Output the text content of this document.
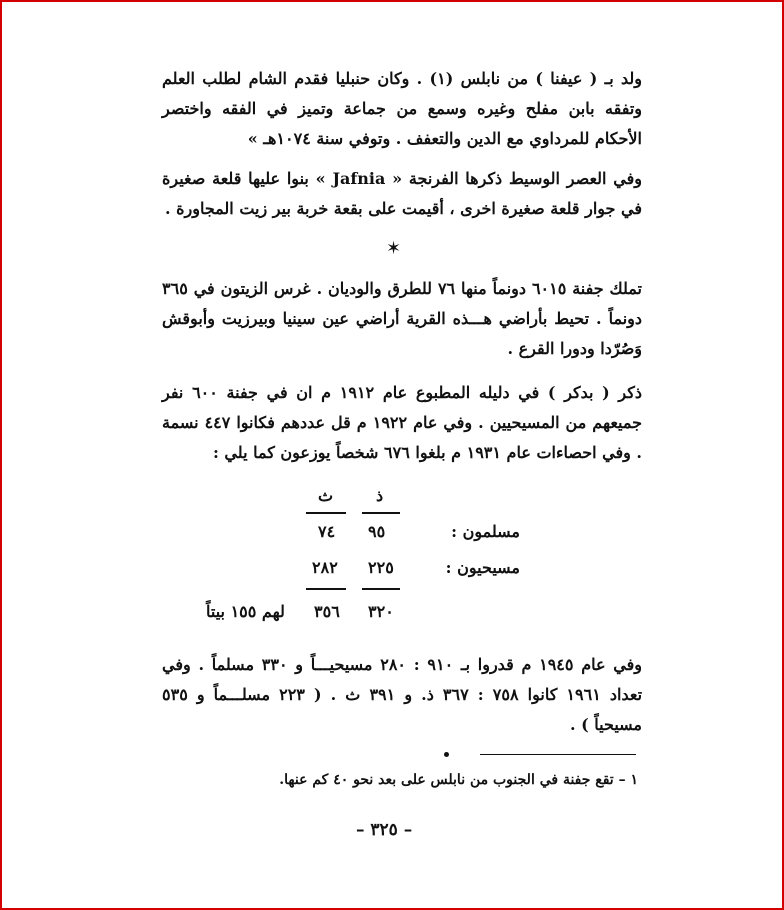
ولد بـ ( عيفنا ) من نابلس (١) . وكان حنبليا فقدم الشام لطلب العلم وتفقه بابن مفلح وغيره وسمع من جماعة وتميز في الفقه واختصر الأحكام للمرداوي مع الدين والتعفف . وتوفي سنة ١٠٧٤هـ »

وفي العصر الوسيط ذكرها الفرنجة « Jafnia » بنوا عليها قلعة صغيرة في جوار قلعة صغيرة اخرى ، أقيمت على بقعة خربة بير زيت المجاورة .

✶

تملك جفنة ٦٠١٥ دونماً منها ٧٦ للطرق والوديان . غرس الزيتون في ٣٦٥ دونماً . تحيط بأراضي هـــذه القرية أراضي عين سينيا وبيرزيت وأبوقش وَصُرّدا ودورا القرع .

ذكر ( بدكر ) في دليله المطبوع عام ١٩١٢ م ان في جفنة ٦٠٠ نفر جميعهم من المسيحيين . وفي عام ١٩٢٢ م قل عددهم فكانوا ٤٤٧ نسمة . وفي احصاءات عام ١٩٣١ م بلغوا ٦٧٦ شخصاً يوزعون كما يلي :

ذ
ث
مسلمون :
٩٥
٧٤
مسيحيون :
٢٢٥
٢٨٢
٣٢٠
٣٥٦
لهم ١٥٥ بيتاً

وفي عام ١٩٤٥ م قدروا بـ ٩١٠ : ٢٨٠ مسيحيـــاً و ٣٣٠ مسلماً . وفي تعداد ١٩٦١ كانوا ٧٥٨ : ٣٦٧ ذ. و ٣٩١ ث . ( ٢٢٣ مسلـــماً و ٥٣٥ مسيحياً ) .

١ – تقع جفنة في الجنوب من نابلس على بعد نحو ٤٠ كم عنها.
– ٣٢٥ –
